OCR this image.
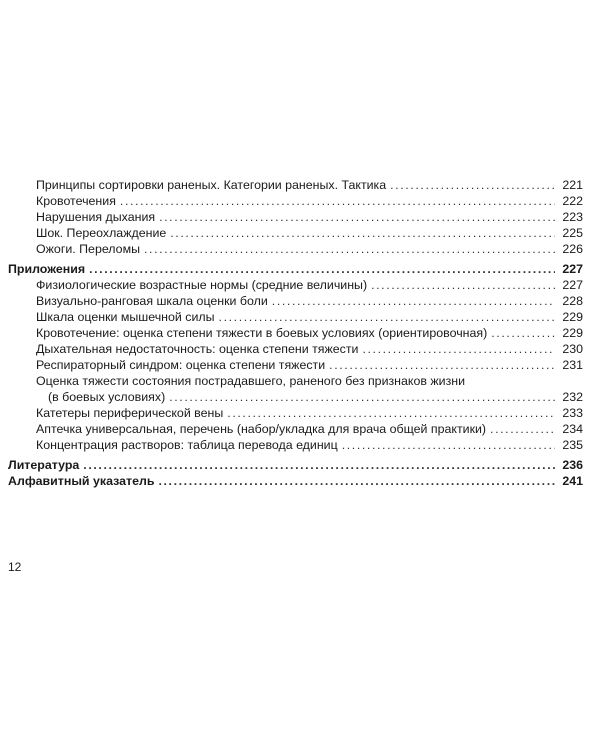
Принципы сортировки раненых. Категории раненых. Тактика .....	221
Кровотечения .....	222
Нарушения дыхания .....	223
Шок. Переохлаждение .....	225
Ожоги. Переломы .....	226
Приложения .....	227
Физиологические возрастные нормы (средние величины) .....	227
Визуально-ранговая шкала оценки боли .....	228
Шкала оценки мышечной силы .....	229
Кровотечение: оценка степени тяжести в боевых условиях (ориентировочная) .....	229
Дыхательная недостаточность: оценка степени тяжести .....	230
Респираторный синдром: оценка степени тяжести .....	231
Оценка тяжести состояния пострадавшего, раненого без признаков жизни
(в боевых условиях) .....	232
Катетеры периферической вены .....	233
Аптечка универсальная, перечень (набор/укладка для врача общей практики) .....	234
Концентрация растворов: таблица перевода единиц .....	235
Литература .....	236
Алфавитный указатель .....	241
12
